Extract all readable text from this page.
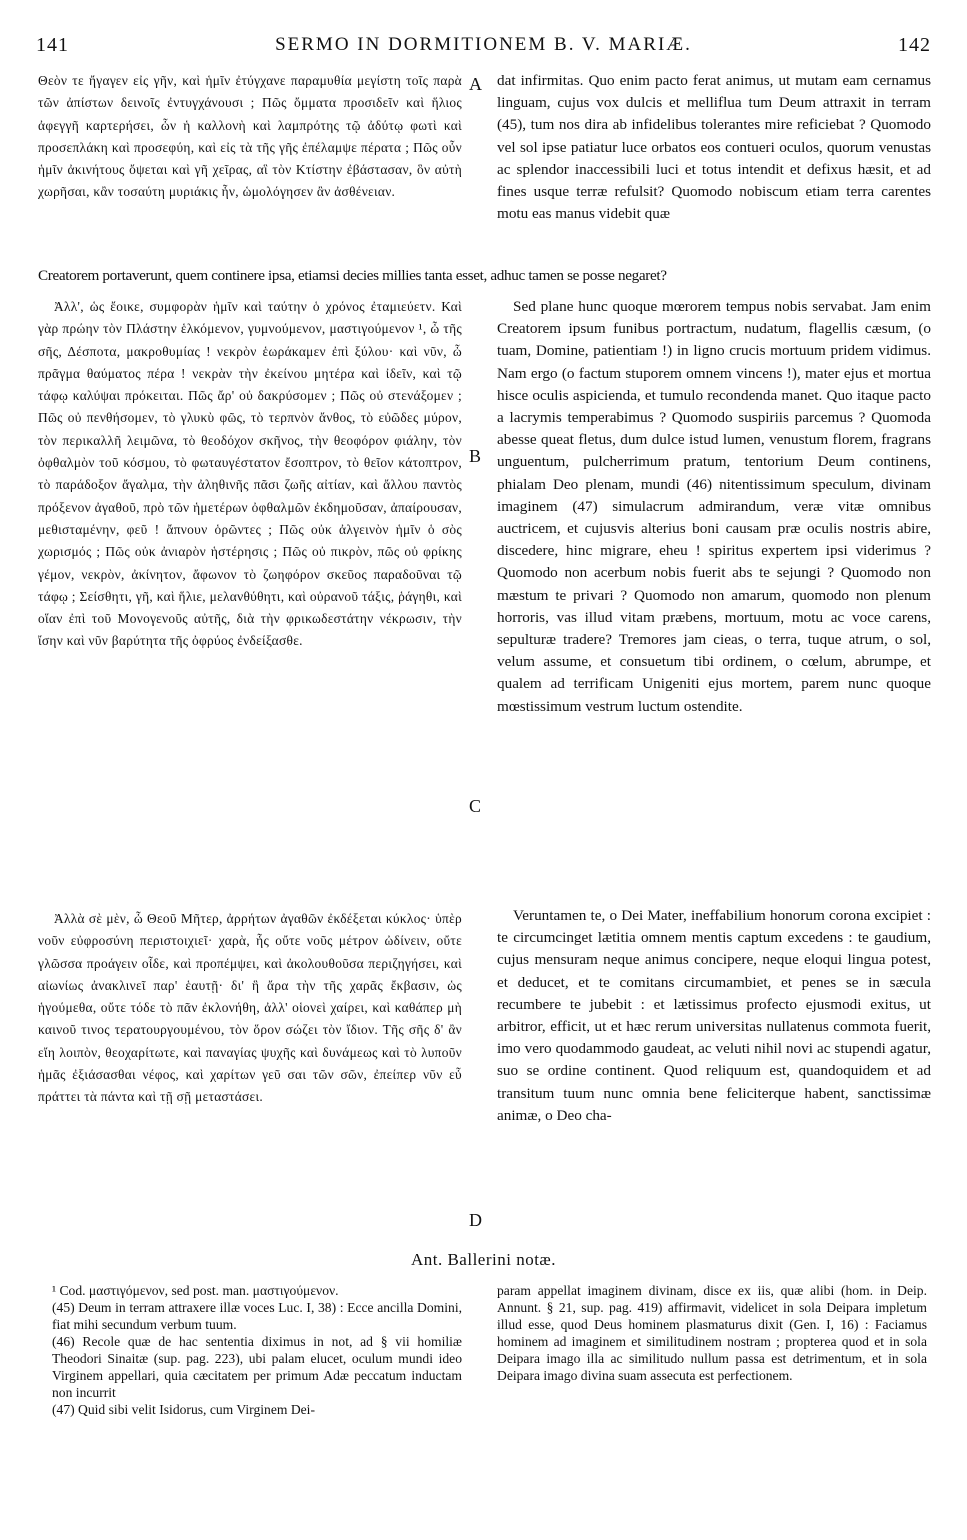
141	SERMO IN DORMITIONEM B. V. MARIÆ.	142

Θεὸν τε ἤγαγεν εἰς γῆν, καὶ ἡμῖν ἐτύγχανε παραμυθία μεγίστη τοῖς παρὰ τῶν ἀπίστων δεινοῖς ἐντυγχάνουσι ; Πῶς ὄμματα προσιδεῖν καὶ ἥλιος ἀφεγγῆ καρτερήσει, ὧν ἡ καλλονὴ καὶ λαμπρότης τῷ ἀδύτῳ φωτὶ καὶ προσεπλάκη καὶ προσεφύη, καὶ εἰς τὰ τῆς γῆς ἐπέλαμψε πέρατα ; Πῶς οὖν ἡμῖν ἀκινήτους ὄψεται καὶ γῆ χεῖρας, αἳ τὸν Κτίστην ἐβάστασαν, ὃν αὐτὴ χωρῆσαι, κἂν τοσαύτη μυριάκις ἦν, ὡμολόγησεν ἂν ἀσθένειαν.

Ἀλλ', ὡς ἔοικε, συμφορὰν ἡμῖν καὶ ταύτην ὁ χρόνος ἐταμιεύετν. Καὶ γὰρ πρώην τὸν Πλάστην ἑλκόμενον, γυμνούμενον, μαστιγούμενον ¹, ὦ τῆς σῆς, Δέσποτα, μακροθυμίας ! νεκρὸν ἑωράκαμεν ἐπὶ ξύλου· καὶ νῦν, ὦ πρᾶγμα θαύματος πέρα ! νεκρὰν τὴν ἐκείνου μητέρα καὶ ἰδεῖν, καὶ τῷ τάφῳ καλύψαι πρόκειται. Πῶς ἄρ' οὐ δακρύσομεν ; Πῶς οὐ στενάξομεν ; Πῶς οὐ πενθήσομεν, τὸ γλυκὺ φῶς, τὸ τερπνὸν ἄνθος, τὸ εὐῶδες μύρον, τὸν περικαλλῆ λειμῶνα, τὸ θεοδόχον σκῆνος, τὴν θεοφόρον φιάλην, τὸν ὀφθαλμὸν τοῦ κόσμου, τὸ φωταυγέστατον ἔσοπτρον, τὸ θεῖον κάτοπτρον, τὸ παράδοξον ἄγαλμα, τὴν ἀληθινῆς πᾶσι ζωῆς αἰτίαν, καὶ ἄλλου παντὸς πρόξενον ἀγαθοῦ, πρὸ τῶν ἡμετέρων ὀφθαλμῶν ἐκδημοῦσαν, ἀπαίρουσαν, μεθισταμένην, φεῦ ! ἄπνουν ὁρῶντες ; Πῶς οὐκ ἀλγεινὸν ἡμῖν ὁ σὸς χωρισμός ; Πῶς οὐκ ἀνιαρὸν ἡστέρησις ; Πῶς οὐ πικρὸν, πῶς οὐ φρίκης γέμον, νεκρὸν, ἀκίνητον, ἄφωνον τὸ ζωηφόρον σκεῦος παραδοῦναι τῷ τάφῳ ; Σείσθητι, γῆ, καὶ ἥλιε, μελανθύθητι, καὶ οὐρανοῦ τάξις, ῥάγηθι, καὶ οἵαν ἐπὶ τοῦ Μονογενοῦς αὐτῆς, διὰ τὴν φρικωδεστάτην νέκρωσιν, τὴν ἴσην καὶ νῦν βαρύτητα τῆς ὀφρύος ἐνδείξασθε.

Ἀλλὰ σὲ μὲν, ὦ Θεοῦ Μῆτερ, ἀρρήτων ἀγαθῶν ἐκδέξεται κύκλος· ὑπὲρ νοῦν εὐφροσύνη περιστοιχιεῖ· χαρὰ, ἧς οὔτε νοῦς μέτρον ὠδίνειν, οὔτε γλῶσσα προάγειν οἶδε, καὶ προπέμψει, καὶ ἀκολουθοῦσα περιζηγήσει, καὶ αἰωνίως ἀνακλινεῖ παρ' ἑαυτῇ· δι' ἣ ἄρα τὴν τῆς χαρᾶς ἔκβασιν, ὡς ἡγούμεθα, οὔτε τόδε τὸ πᾶν ἐκλονήθη, ἀλλ' οἱονεὶ χαίρει, καὶ καθάπερ μὴ καινοῦ τινος τερατουργουμένου, τὸν ὅρον σώζει τὸν ἴδιον. Τῆς σῆς δ' ἂν εἴη λοιπὸν, θεοχαρίτωτε, καὶ παναγίας ψυχῆς καὶ δυνάμεως καὶ τὸ λυποῦν ἡμᾶς ἐξιάσασθαι νέφος, καὶ χαρίτων γεῦ σαι τῶν σῶν, ἐπείπερ νῦν εὖ πράττει τὰ πάντα καὶ τῇ σῇ μεταστάσει.

A
B
C
D

dat infirmitas. Quo enim pacto ferat animus, ut mutam eam cernamus linguam, cujus vox dulcis et melliflua tum Deum attraxit in terram (45), tum nos dira ab infidelibus tolerantes mire reficiebat ? Quomodo vel sol ipse patiatur luce orbatos eos contueri oculos, quorum venustas ac splendor inaccessibili luci et totus intendit et defixus hæsit, et ad fines usque terræ refulsit? Quomodo nobiscum etiam terra carentes motu eas manus videbit quæ

Creatorem portaverunt, quem continere ipsa, etiamsi decies millies tanta esset, adhuc tamen se posse negaret?

Sed plane hunc quoque mœrorem tempus nobis servabat. Jam enim Creatorem ipsum funibus portractum, nudatum, flagellis cæsum, (o tuam, Domine, patientiam !) in ligno crucis mortuum pridem vidimus. Nam ergo (o factum stuporem omnem vincens !), mater ejus et mortua hisce oculis aspicienda, et tumulo recondenda manet. Quo itaque pacto a lacrymis temperabimus ? Quomodo suspiriis parcemus ? Quomoda abesse queat fletus, dum dulce istud lumen, venustum florem, fragrans unguentum, pulcherrimum pratum, tentorium Deum continens, phialam Deo plenam, mundi (46) nitentissimum speculum, divinam imaginem (47) simulacrum admirandum, veræ vitæ omnibus auctricem, et cujusvis alterius boni causam præ oculis nostris abire, discedere, hinc migrare, eheu ! spiritus expertem ipsi viderimus ? Quomodo non acerbum nobis fuerit abs te sejungi ? Quomodo non mæstum te privari ? Quomodo non amarum, quomodo non plenum horroris, vas illud vitam præbens, mortuum, motu ac voce carens, sepulturæ tradere? Tremores jam cieas, o terra, tuque atrum, o sol, velum assume, et consuetum tibi ordinem, o cœlum, abrumpe, et qualem ad terrificam Unigeniti ejus mortem, parem nunc quoque mœstissimum vestrum luctum ostendite.

Veruntamen te, o Dei Mater, ineffabilium honorum corona excipiet : te circumcinget lætitia omnem mentis captum excedens : te gaudium, cujus mensuram neque animus concipere, neque eloqui lingua potest, et deducet, et te comitans circumambiet, et penes se in sæcula recumbere te jubebit : et lætissimus profecto ejusmodi exitus, ut arbitror, efficit, ut et hæc rerum universitas nullatenus commota fuerit, imo vero quodammodo gaudeat, ac veluti nihil novi ac stupendi agatur, suo se ordine continent. Quod reliquum est, quandoquidem et ad transitum tuum nunc omnia bene feliciterque habent, sanctissimæ animæ, o Deo cha-

Ant. Ballerini notæ.

¹ Cod. μαστιγόμενον, sed post. man. μαστιγούμενον.

(45) Deum in terram attraxere illæ voces Luc. I, 38) : Ecce ancilla Domini, fiat mihi secundum verbum tuum.

(46) Recole quæ de hac sententia diximus in not, ad § vii homiliæ Theodori Sinaitæ (sup. pag. 223), ubi palam elucet, oculum mundi ideo Virginem appellari, quia cæcitatem per primum Adæ peccatum inductam non incurrit

(47) Quid sibi velit Isidorus, cum Virginem Dei-

param appellat imaginem divinam, disce ex iis, quæ alibi (hom. in Deip. Annunt. § 21, sup. pag. 419) affirmavit, videlicet in sola Deipara impletum illud esse, quod Deus hominem plasmaturus dixit (Gen. I, 16) : Faciamus hominem ad imaginem et similitudinem nostram ; propterea quod et in sola Deipara imago illa ac similitudo nullum passa est detrimentum, et in sola Deipara imago divina suam assecuta est perfectionem.
